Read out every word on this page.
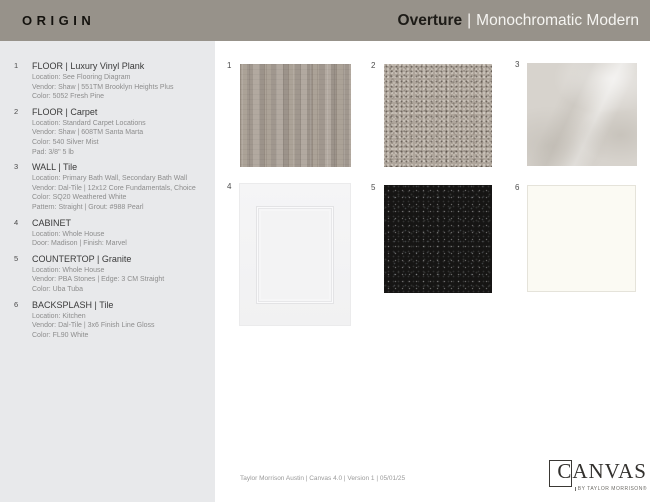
ORIGIN	Overture | Monochromatic Modern
1	FLOOR | Luxury Vinyl Plank
Location: See Flooring Diagram
Vendor: Shaw | 551TM Brooklyn Heights Plus
Color: 5052 Fresh Pine
2	FLOOR | Carpet
Location: Standard Carpet Locations
Vendor: Shaw | 608TM Santa Marta
Color: 540 Silver Mist
Pad: 3/8" 5 lb
3	WALL | Tile
Location: Primary Bath Wall, Secondary Bath Wall
Vendor: Dal-Tile | 12x12 Core Fundamentals, Choice
Color: SQ20 Weathered White
Pattern: Straight | Grout: #988 Pearl
4	CABINET
Location: Whole House
Door: Madison | Finish: Marvel
5	COUNTERTOP | Granite
Location: Whole House
Vendor: PBA Stones | Edge: 3 CM Straight
Color: Uba Tuba
6	BACKSPLASH | Tile
Location: Kitchen
Vendor: Dal-Tile | 3x6 Finish Line Gloss
Color: FL90 White
1	2	3
4	5	6
Taylor Morrison Austin | Canvas 4.0 | Version 1 | 05/01/25	CANVAS
BY TAYLOR MORRISON®
